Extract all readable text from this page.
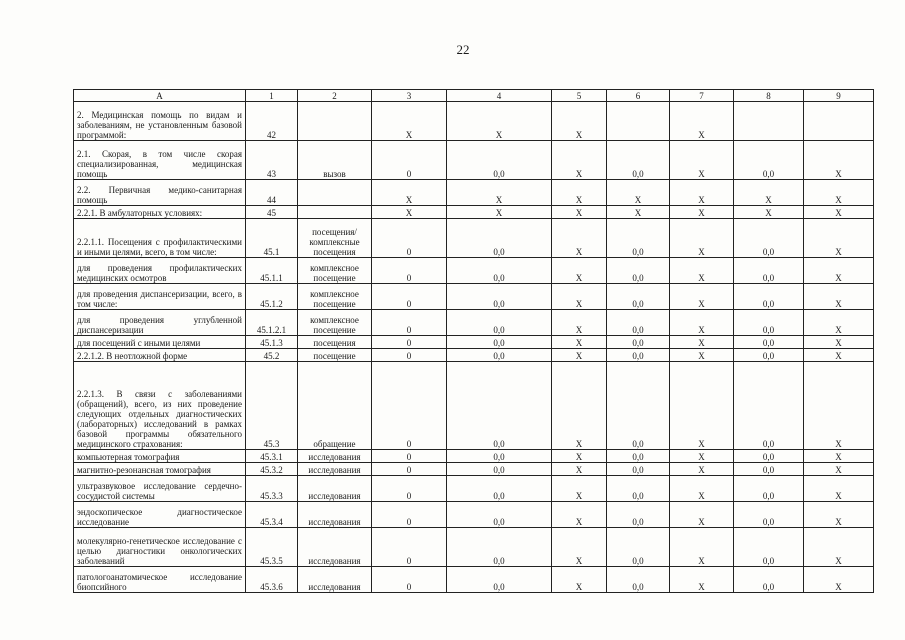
22
А	1	2	3	4	5	6	7	8	9
2. Медицинская помощь по видам и заболеваниям, не установленным базовой программой:	42		Х	Х	Х		Х		
2.1. Скорая, в том числе скорая специализированная, медицинская помощь	43	вызов	0	0,0	Х	0,0	Х	0,0	Х
2.2. Первичная медико-санитарная помощь	44		Х	Х	Х	Х	Х	Х	Х
2.2.1. В амбулаторных условиях:	45		Х	Х	Х	Х	Х	Х	Х
2.2.1.1. Посещения с профилактическими и иными целями, всего, в том числе:	45.1	посещения/ комплексные посещения	0	0,0	Х	0,0	Х	0,0	Х
для проведения профилактических медицинских осмотров	45.1.1	комплексное посещение	0	0,0	Х	0,0	Х	0,0	Х
для проведения диспансеризации, всего, в том числе:	45.1.2	комплексное посещение	0	0,0	Х	0,0	Х	0,0	Х
для проведения углубленной диспансеризации	45.1.2.1	комплексное посещение	0	0,0	Х	0,0	Х	0,0	Х
для посещений с иными целями	45.1.3	посещения	0	0,0	Х	0,0	Х	0,0	Х
2.2.1.2. В неотложной форме	45.2	посещение	0	0,0	Х	0,0	Х	0,0	Х
2.2.1.3. В связи с заболеваниями (обращений), всего, из них проведение следующих отдельных диагностических (лабораторных) исследований в рамках базовой программы обязательного медицинского страхования:	45.3	обращение	0	0,0	Х	0,0	Х	0,0	Х
компьютерная томография	45.3.1	исследования	0	0,0	Х	0,0	Х	0,0	Х
магнитно-резонансная томография	45.3.2	исследования	0	0,0	Х	0,0	Х	0,0	Х
ультразвуковое исследование сердечно-сосудистой системы	45.3.3	исследования	0	0,0	Х	0,0	Х	0,0	Х
эндоскопическое диагностическое исследование	45.3.4	исследования	0	0,0	Х	0,0	Х	0,0	Х
молекулярно-генетическое исследование с целью диагностики онкологических заболеваний	45.3.5	исследования	0	0,0	Х	0,0	Х	0,0	Х
патологоанатомическое исследование биопсийного	45.3.6	исследования	0	0,0	Х	0,0	Х	0,0	Х
